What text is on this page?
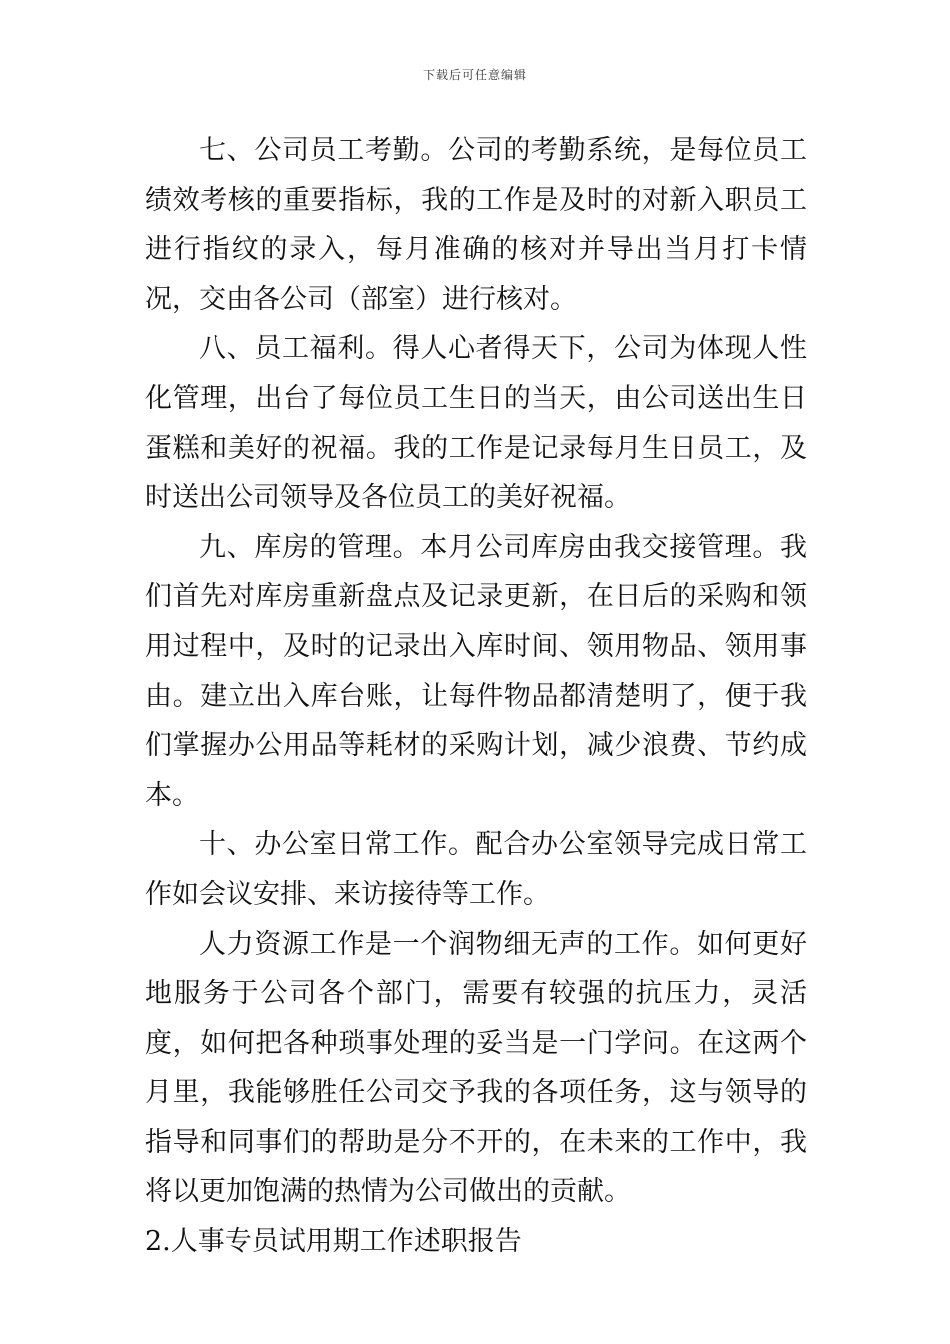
下载后可任意编辑

七、公司员工考勤。公司的考勤系统，是每位员工绩效考核的重要指标，我的工作是及时的对新入职员工进行指纹的录入，每月准确的核对并导出当月打卡情况，交由各公司（部室）进行核对。

八、员工福利。得人心者得天下，公司为体现人性化管理，出台了每位员工生日的当天，由公司送出生日蛋糕和美好的祝福。我的工作是记录每月生日员工，及时送出公司领导及各位员工的美好祝福。

九、库房的管理。本月公司库房由我交接管理。我们首先对库房重新盘点及记录更新，在日后的采购和领用过程中，及时的记录出入库时间、领用物品、领用事由。建立出入库台账，让每件物品都清楚明了，便于我们掌握办公用品等耗材的采购计划，减少浪费、节约成本。

十、办公室日常工作。配合办公室领导完成日常工作如会议安排、来访接待等工作。

人力资源工作是一个润物细无声的工作。如何更好地服务于公司各个部门，需要有较强的抗压力，灵活度，如何把各种琐事处理的妥当是一门学问。在这两个月里，我能够胜任公司交予我的各项任务，这与领导的指导和同事们的帮助是分不开的，在未来的工作中，我将以更加饱满的热情为公司做出的贡献。

2.人事专员试用期工作述职报告
